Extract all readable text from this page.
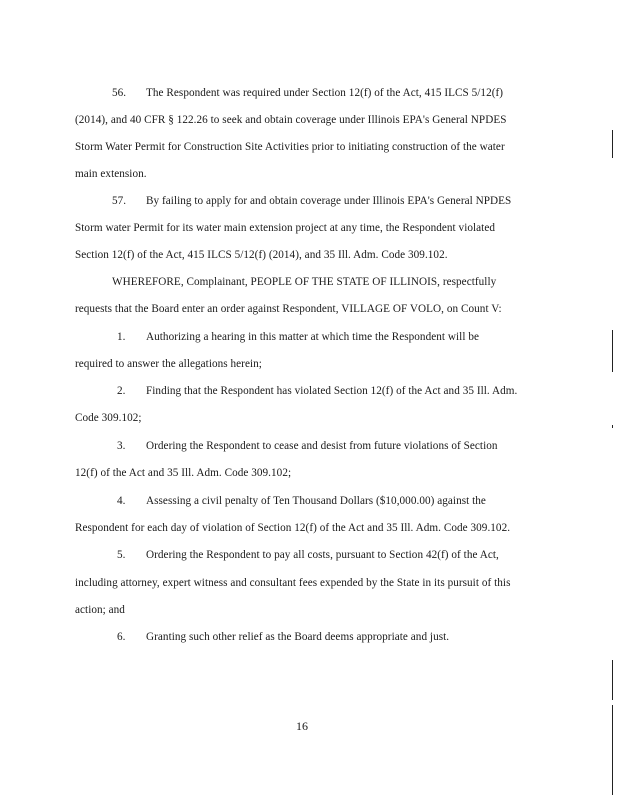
56. The Respondent was required under Section 12(f) of the Act, 415 ILCS 5/12(f)

(2014), and 40 CFR § 122.26 to seek and obtain coverage under Illinois EPA's General NPDES

Storm Water Permit for Construction Site Activities prior to initiating construction of the water

main extension.

57. By failing to apply for and obtain coverage under Illinois EPA's General NPDES

Storm water Permit for its water main extension project at any time, the Respondent violated

Section 12(f) of the Act, 415 ILCS 5/12(f) (2014), and 35 Ill. Adm. Code 309.102.

WHEREFORE, Complainant, PEOPLE OF THE STATE OF ILLINOIS, respectfully

requests that the Board enter an order against Respondent, VILLAGE OF VOLO, on Count V:

1. Authorizing a hearing in this matter at which time the Respondent will be

required to answer the allegations herein;

2. Finding that the Respondent has violated Section 12(f) of the Act and 35 Ill. Adm.

Code 309.102;

3. Ordering the Respondent to cease and desist from future violations of Section

12(f) of the Act and 35 Ill. Adm. Code 309.102;

4. Assessing a civil penalty of Ten Thousand Dollars ($10,000.00) against the

Respondent for each day of violation of Section 12(f) of the Act and 35 Ill. Adm. Code 309.102.

5. Ordering the Respondent to pay all costs, pursuant to Section 42(f) of the Act,

including attorney, expert witness and consultant fees expended by the State in its pursuit of this

action; and

6. Granting such other relief as the Board deems appropriate and just.

16
